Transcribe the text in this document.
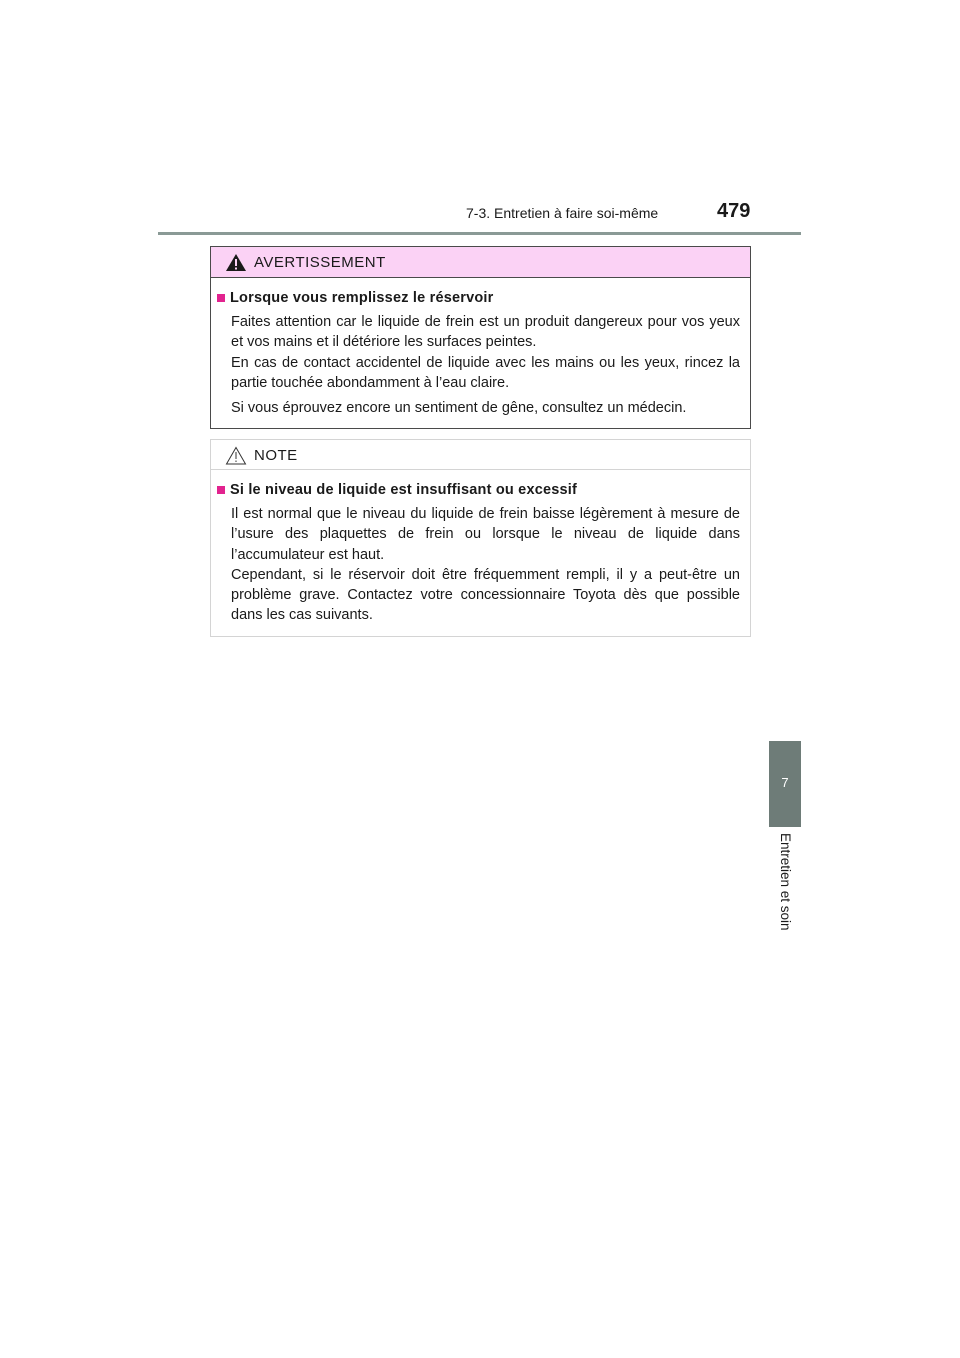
7-3. Entretien à faire soi-même	479
AVERTISSEMENT
Lorsque vous remplissez le réservoir
Faites attention car le liquide de frein est un produit dangereux pour vos yeux et vos mains et il détériore les surfaces peintes.
En cas de contact accidentel de liquide avec les mains ou les yeux, rincez la partie touchée abondamment à l’eau claire.
Si vous éprouvez encore un sentiment de gêne, consultez un médecin.
NOTE
Si le niveau de liquide est insuffisant ou excessif
Il est normal que le niveau du liquide de frein baisse légèrement à mesure de l’usure des plaquettes de frein ou lorsque le niveau de liquide dans l’accumulateur est haut.
Cependant, si le réservoir doit être fréquemment rempli, il y a peut-être un problème grave. Contactez votre concessionnaire Toyota dès que possible dans les cas suivants.
7
Entretien et soin
